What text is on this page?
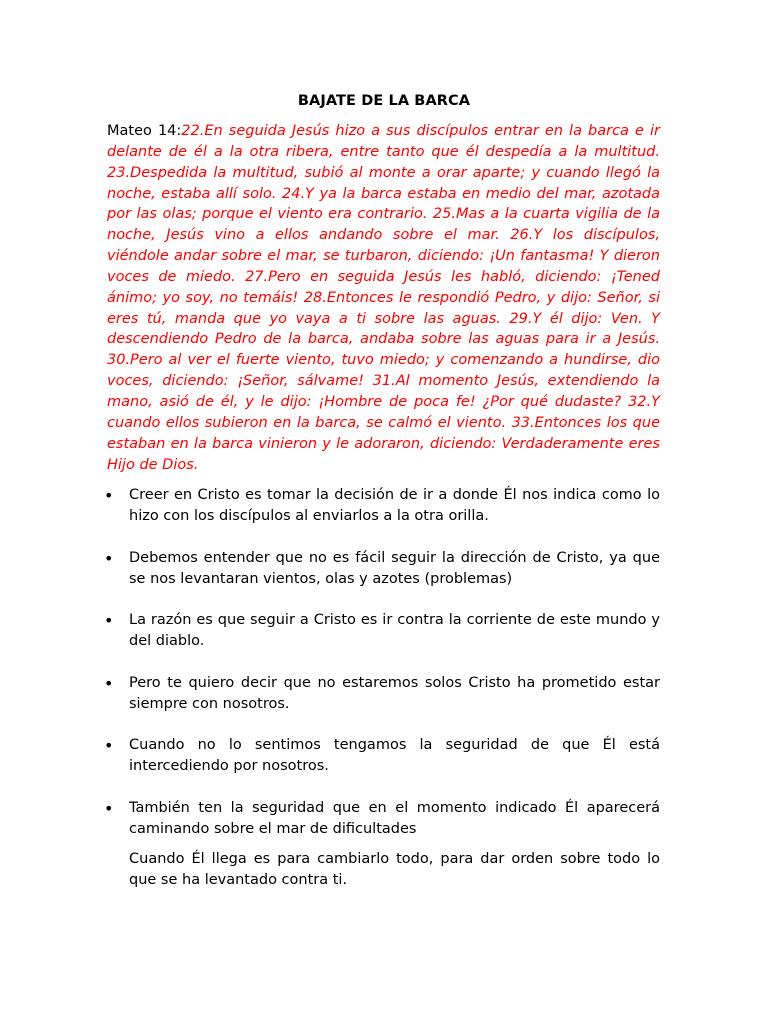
BAJATE DE LA BARCA

Mateo 14:22.En seguida Jesús hizo a sus discípulos entrar en la barca e ir delante de él a la otra ribera, entre tanto que él despedía a la multitud. 23.Despedida la multitud, subió al monte a orar aparte; y cuando llegó la noche, estaba allí solo. 24.Y ya la barca estaba en medio del mar, azotada por las olas; porque el viento era contrario. 25.Mas a la cuarta vigilia de la noche, Jesús vino a ellos andando sobre el mar. 26.Y los discípulos, viéndole andar sobre el mar, se turbaron, diciendo: ¡Un fantasma! Y dieron voces de miedo. 27.Pero en seguida Jesús les habló, diciendo: ¡Tened ánimo; yo soy, no temáis! 28.Entonces le respondió Pedro, y dijo: Señor, si eres tú, manda que yo vaya a ti sobre las aguas. 29.Y él dijo: Ven. Y descendiendo Pedro de la barca, andaba sobre las aguas para ir a Jesús. 30.Pero al ver el fuerte viento, tuvo miedo; y comenzando a hundirse, dio voces, diciendo: ¡Señor, sálvame! 31.Al momento Jesús, extendiendo la mano, asió de él, y le dijo: ¡Hombre de poca fe! ¿Por qué dudaste? 32.Y cuando ellos subieron en la barca, se calmó el viento. 33.Entonces los que estaban en la barca vinieron y le adoraron, diciendo: Verdaderamente eres Hijo de Dios.

• Creer en Cristo es tomar la decisión de ir a donde Él nos indica como lo hizo con los discípulos al enviarlos a la otra orilla.
• Debemos entender que no es fácil seguir la dirección de Cristo, ya que se nos levantaran vientos, olas y azotes (problemas)
• La razón es que seguir a Cristo es ir contra la corriente de este mundo y del diablo.
• Pero te quiero decir que no estaremos solos Cristo ha prometido estar siempre con nosotros.
• Cuando no lo sentimos tengamos la seguridad de que Él está intercediendo por nosotros.
• También ten la seguridad que en el momento indicado Él aparecerá caminando sobre el mar de dificultades

Cuando Él llega es para cambiarlo todo, para dar orden sobre todo lo que se ha levantado contra ti.
